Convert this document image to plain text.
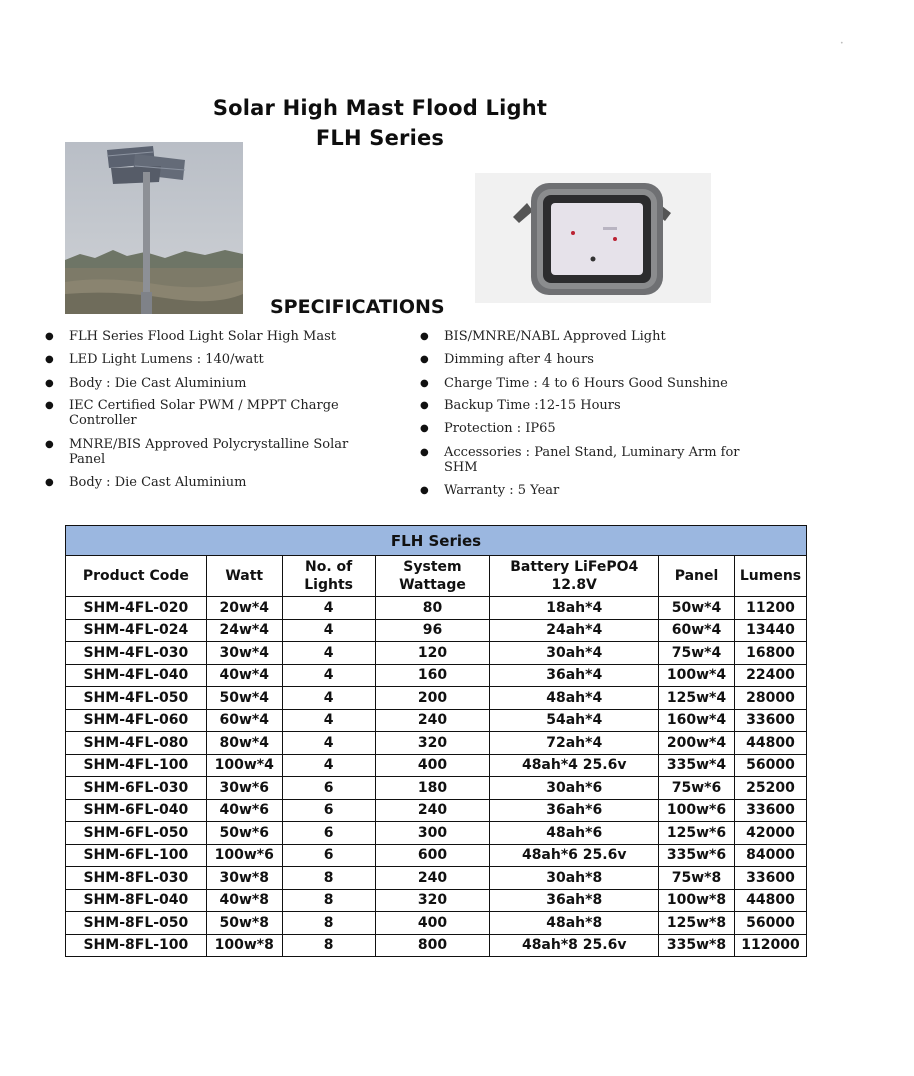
•
Solar High Mast Flood Light
FLH Series
SPECIFICATIONS
● FLH Series Flood Light Solar High Mast
● LED Light Lumens : 140/watt
● Body : Die Cast Aluminium
● IEC Certified Solar PWM / MPPT Charge Controller
● MNRE/BIS Approved Polycrystalline Solar Panel
● Body : Die Cast Aluminium
● BIS/MNRE/NABL Approved Light
● Dimming after 4 hours
● Charge Time : 4 to 6 Hours Good Sunshine
● Backup Time :12-15 Hours
● Protection : IP65
● Accessories : Panel Stand, Luminary Arm for SHM
● Warranty : 5 Year
FLH Series						
Product Code	Watt	No. of Lights	System Wattage	Battery LiFePO4 12.8V	Panel	Lumens
SHM-4FL-020	20w*4	4	80	18ah*4	50w*4	11200
SHM-4FL-024	24w*4	4	96	24ah*4	60w*4	13440
SHM-4FL-030	30w*4	4	120	30ah*4	75w*4	16800
SHM-4FL-040	40w*4	4	160	36ah*4	100w*4	22400
SHM-4FL-050	50w*4	4	200	48ah*4	125w*4	28000
SHM-4FL-060	60w*4	4	240	54ah*4	160w*4	33600
SHM-4FL-080	80w*4	4	320	72ah*4	200w*4	44800
SHM-4FL-100	100w*4	4	400	48ah*4 25.6v	335w*4	56000
SHM-6FL-030	30w*6	6	180	30ah*6	75w*6	25200
SHM-6FL-040	40w*6	6	240	36ah*6	100w*6	33600
SHM-6FL-050	50w*6	6	300	48ah*6	125w*6	42000
SHM-6FL-100	100w*6	6	600	48ah*6 25.6v	335w*6	84000
SHM-8FL-030	30w*8	8	240	30ah*8	75w*8	33600
SHM-8FL-040	40w*8	8	320	36ah*8	100w*8	44800
SHM-8FL-050	50w*8	8	400	48ah*8	125w*8	56000
SHM-8FL-100	100w*8	8	800	48ah*8 25.6v	335w*8	112000
